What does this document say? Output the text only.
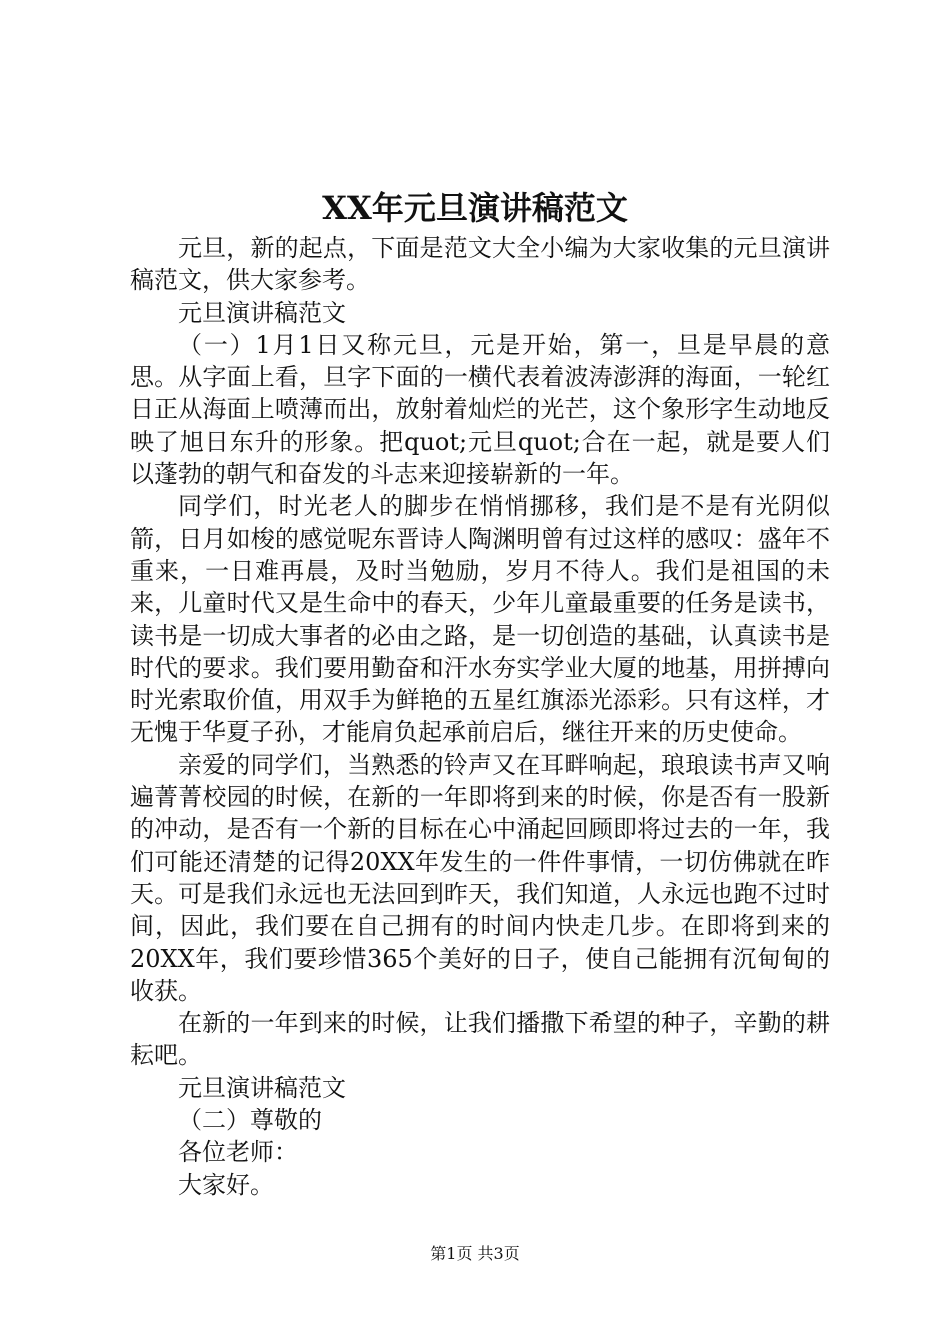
XX年元旦演讲稿范文

元旦，新的起点，下面是范文大全小编为大家收集的元旦演讲稿范文，供大家参考。

元旦演讲稿范文

（一）1月1日又称元旦，元是开始，第一，旦是早晨的意思。从字面上看，旦字下面的一横代表着波涛澎湃的海面，一轮红日正从海面上喷薄而出，放射着灿烂的光芒，这个象形字生动地反映了旭日东升的形象。把quot;元旦quot;合在一起，就是要人们以蓬勃的朝气和奋发的斗志来迎接崭新的一年。

同学们，时光老人的脚步在悄悄挪移，我们是不是有光阴似箭，日月如梭的感觉呢东晋诗人陶渊明曾有过这样的感叹：盛年不重来，一日难再晨，及时当勉励，岁月不待人。我们是祖国的未来，儿童时代又是生命中的春天，少年儿童最重要的任务是读书，读书是一切成大事者的必由之路，是一切创造的基础，认真读书是时代的要求。我们要用勤奋和汗水夯实学业大厦的地基，用拼搏向时光索取价值，用双手为鲜艳的五星红旗添光添彩。只有这样，才无愧于华夏子孙，才能肩负起承前启后，继往开来的历史使命。

亲爱的同学们，当熟悉的铃声又在耳畔响起，琅琅读书声又响遍菁菁校园的时候，在新的一年即将到来的时候，你是否有一股新的冲动，是否有一个新的目标在心中涌起回顾即将过去的一年，我们可能还清楚的记得20XX年发生的一件件事情，一切仿佛就在昨天。可是我们永远也无法回到昨天，我们知道，人永远也跑不过时间，因此，我们要在自己拥有的时间内快走几步。在即将到来的20XX年，我们要珍惜365个美好的日子，使自己能拥有沉甸甸的收获。

在新的一年到来的时候，让我们播撒下希望的种子，辛勤的耕耘吧。

元旦演讲稿范文

（二）尊敬的

各位老师：

大家好。

第1页 共3页
